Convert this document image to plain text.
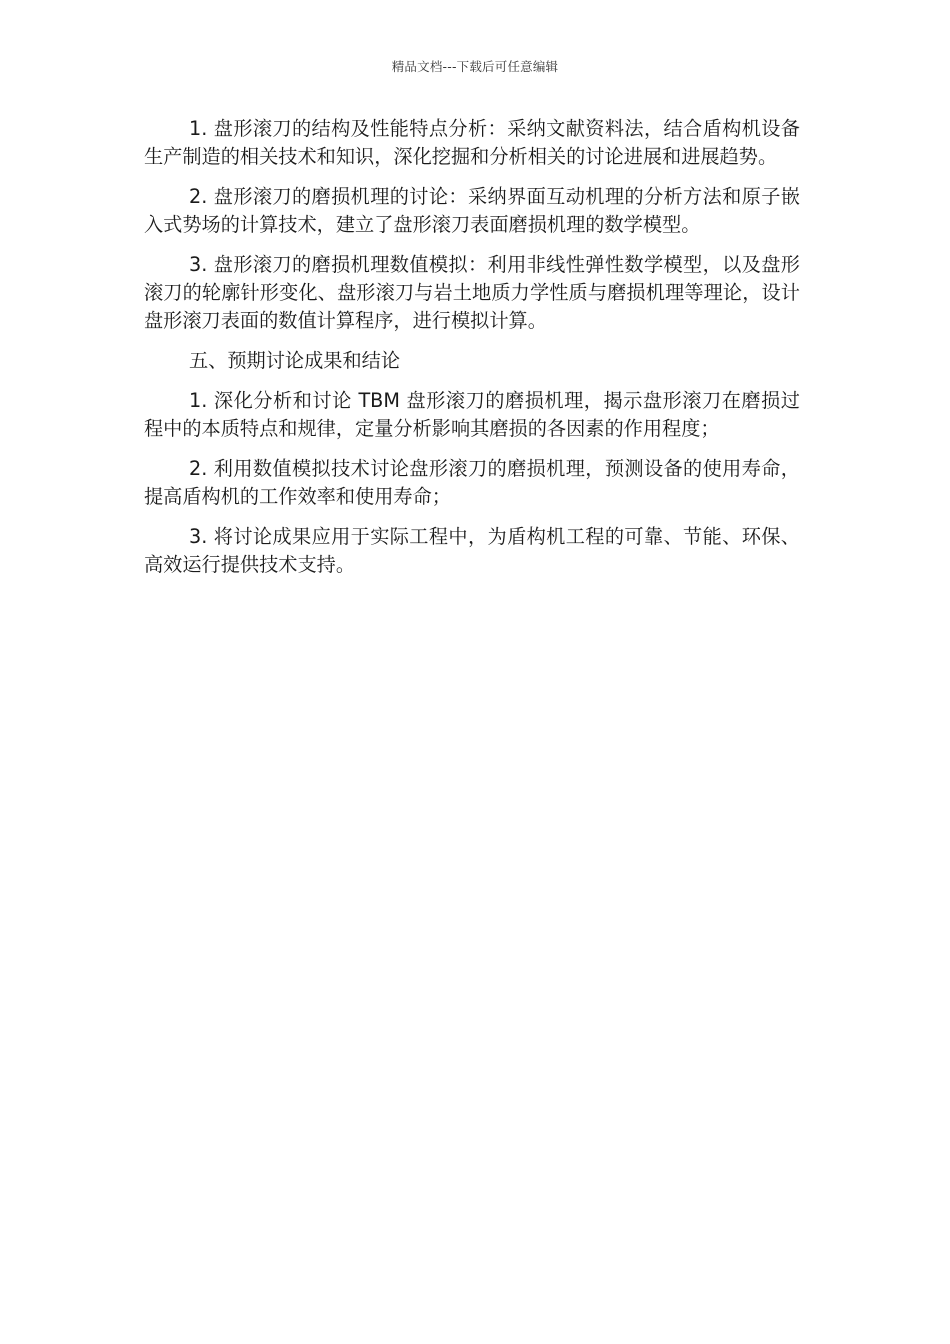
精品文档---下载后可任意编辑

1. 盘形滚刀的结构及性能特点分析：采纳文献资料法，结合盾构机设备生产制造的相关技术和知识，深化挖掘和分析相关的讨论进展和进展趋势。

2. 盘形滚刀的磨损机理的讨论：采纳界面互动机理的分析方法和原子嵌入式势场的计算技术，建立了盘形滚刀表面磨损机理的数学模型。

3. 盘形滚刀的磨损机理数值模拟：利用非线性弹性数学模型，以及盘形滚刀的轮廓针形变化、盘形滚刀与岩土地质力学性质与磨损机理等理论，设计盘形滚刀表面的数值计算程序，进行模拟计算。

五、预期讨论成果和结论

1. 深化分析和讨论 TBM 盘形滚刀的磨损机理，揭示盘形滚刀在磨损过程中的本质特点和规律，定量分析影响其磨损的各因素的作用程度；

2. 利用数值模拟技术讨论盘形滚刀的磨损机理，预测设备的使用寿命，提高盾构机的工作效率和使用寿命；

3. 将讨论成果应用于实际工程中，为盾构机工程的可靠、节能、环保、高效运行提供技术支持。
